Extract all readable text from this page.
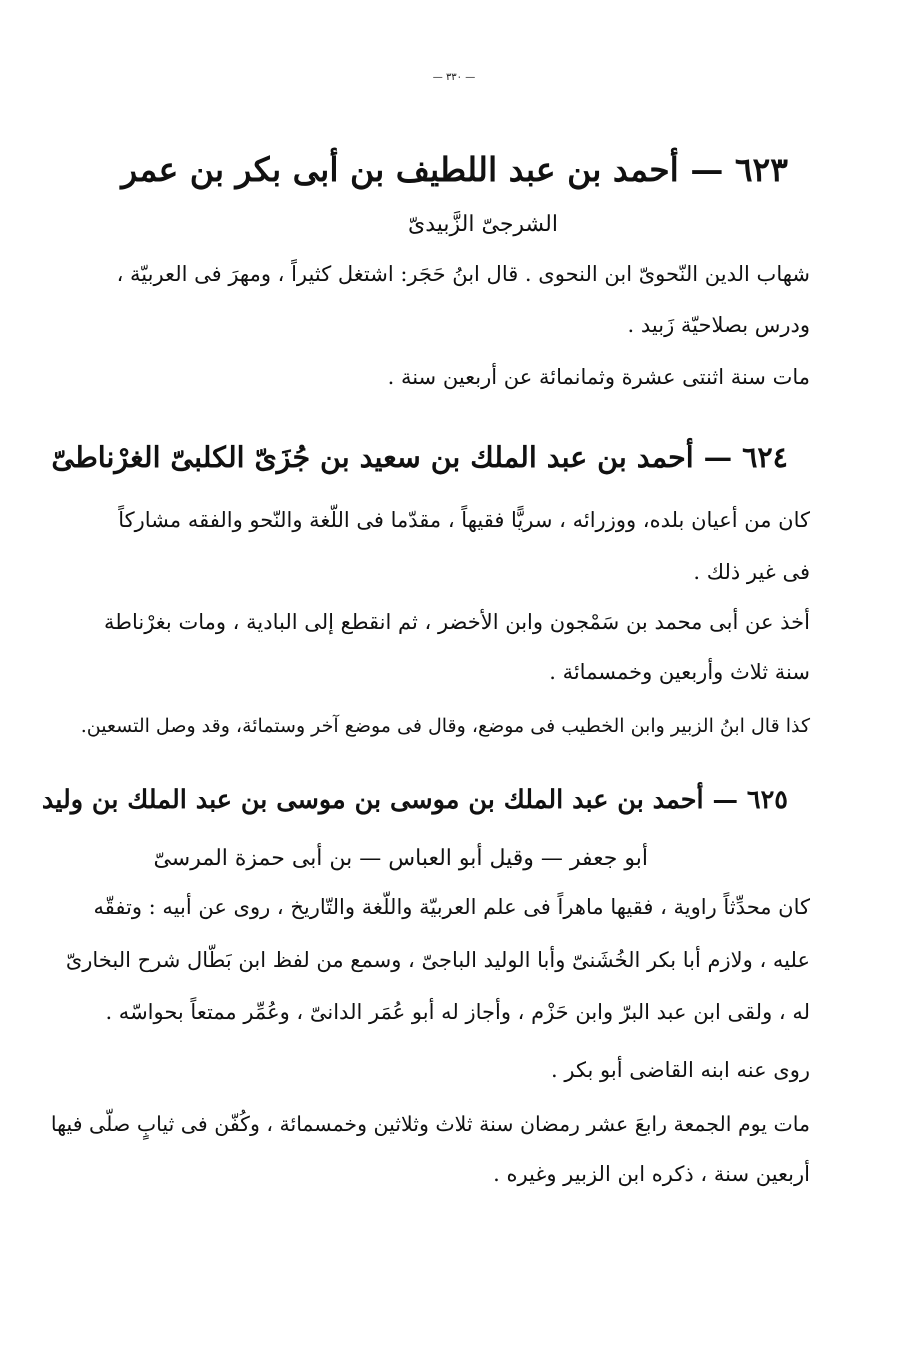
— ٣٣٠ —
٦٢٣ — أحمد بن عبد اللطيف بن أبى بكر بن عمر
الشرجىّ الزَّبيدىّ
شهاب الدين النّحوىّ ابن النحوى . قال ابنُ حَجَر: اشتغل كثيراً ، ومهرَ فى العربيّة ،
ودرس بصلاحيّة زَبيد .
مات سنة اثنتى عشرة وثمانمائة عن أربعين سنة .
٦٢٤ — أحمد بن عبد الملك بن سعيد بن جُزَىّ الكلبىّ الغرْناطىّ
كان من أعيان بلده، ووزرائه ، سريًّا فقيهاً ، مقدّما فى اللّغة والنّحو والفقه مشاركاً
فى غير ذلك .
أخذ عن أبى محمد بن سَمْجون وابن الأخضر ، ثم انقطع إلى البادية ، ومات بغرْناطة
سنة ثلاث وأربعين وخمسمائة .
كذا قال ابنُ الزبير وابن الخطيب فى موضع، وقال فى موضع آخر وستمائة، وقد وصل التسعين.
٦٢٥ — أحمد بن عبد الملك بن موسى بن موسى بن عبد الملك بن وليد
أبو جعفر — وقيل أبو العباس — بن أبى حمزة المرسىّ
كان محدِّثاً راوية ، فقيها ماهراً فى علم العربيّة واللّغة والتّاريخ ، روى عن أبيه : وتفقّه
عليه ، ولازم أبا بكر الخُشَنىّ وأبا الوليد الباجىّ ، وسمع من لفظ ابن بَطّال شرح البخارىّ
له ، ولقى ابن عبد البرّ وابن حَزْم ، وأجاز له أبو عُمَر الدانىّ ، وعُمِّر ممتعاً بحواسّه .
روى عنه ابنه القاضى أبو بكر .
مات يوم الجمعة رابعَ عشر رمضان سنة ثلاث وثلاثين وخمسمائة ، وكُفّن فى ثيابٍ صلّى فيها
أربعين سنة ، ذكره ابن الزبير وغيره .
